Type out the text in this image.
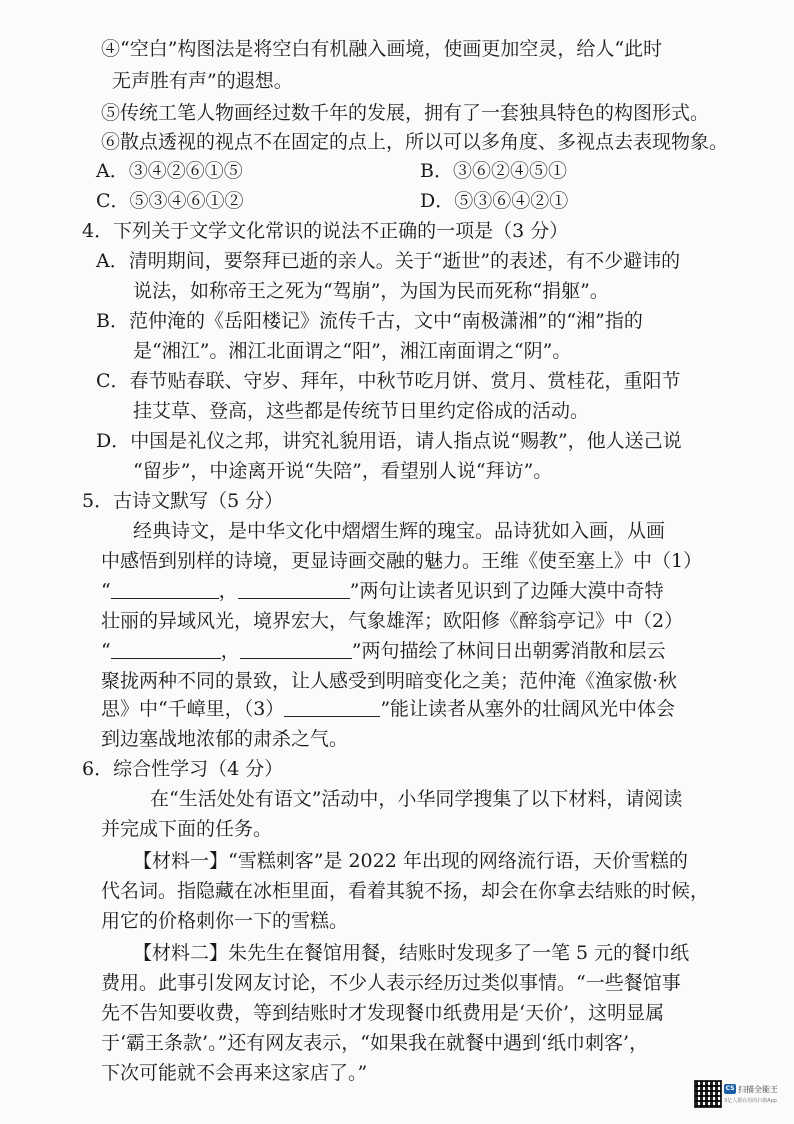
④“空白”构图法是将空白有机融入画境，使画更加空灵，给人“此时
无声胜有声”的遐想。
⑤传统工笔人物画经过数千年的发展，拥有了一套独具特色的构图形式。
⑥散点透视的视点不在固定的点上，所以可以多角度、多视点去表现物象。
A．③④②⑥①⑤	B．③⑥②④⑤①
C．⑤③④⑥①②	D．⑤③⑥④②①
4．下列关于文学文化常识的说法不正确的一项是（3 分）
A．清明期间，要祭拜已逝的亲人。关于“逝世”的表述，有不少避讳的
说法，如称帝王之死为“驾崩”，为国为民而死称“捐躯”。
B．范仲淹的《岳阳楼记》流传千古，文中“南极潇湘”的“湘”指的
是“湘江”。湘江北面谓之“阳”，湘江南面谓之“阴”。
C．春节贴春联、守岁、拜年，中秋节吃月饼、赏月、赏桂花，重阳节
挂艾草、登高，这些都是传统节日里约定俗成的活动。
D．中国是礼仪之邦，讲究礼貌用语，请人指点说“赐教”，他人送己说
“留步”，中途离开说“失陪”，看望别人说“拜访”。
5．古诗文默写（5 分）
经典诗文，是中华文化中熠熠生辉的瑰宝。品诗犹如入画，从画
中感悟到别样的诗境，更显诗画交融的魅力。王维《使至塞上》中（1）
“	，	”两句让读者见识到了边陲大漠中奇特
壮丽的异域风光，境界宏大，气象雄浑；欧阳修《醉翁亭记》中（2）
“	，	”两句描绘了林间日出朝雾消散和层云
聚拢两种不同的景致，让人感受到明暗变化之美；范仲淹《渔家傲·秋
思》中“千嶂里，（3）	”能让读者从塞外的壮阔风光中体会
到边塞战地浓郁的肃杀之气。
6．综合性学习（4 分）
在“生活处处有语文”活动中，小华同学搜集了以下材料，请阅读
并完成下面的任务。
【材料一】“雪糕刺客”是 2022 年出现的网络流行语，天价雪糕的
代名词。指隐藏在冰柜里面，看着其貌不扬，却会在你拿去结账的时候，
用它的价格刺你一下的雪糕。
【材料二】朱先生在餐馆用餐，结账时发现多了一笔 5 元的餐巾纸
费用。此事引发网友讨论，不少人表示经历过类似事情。“一些餐馆事
先不告知要收费，等到结账时才发现餐巾纸费用是‘天价’，这明显属
于‘霸王条款’。”还有网友表示，“如果我在就餐中遇到‘纸巾刺客’，
下次可能就不会再来这家店了。”
CS 扫描全能王
3亿人都在用的扫描App
